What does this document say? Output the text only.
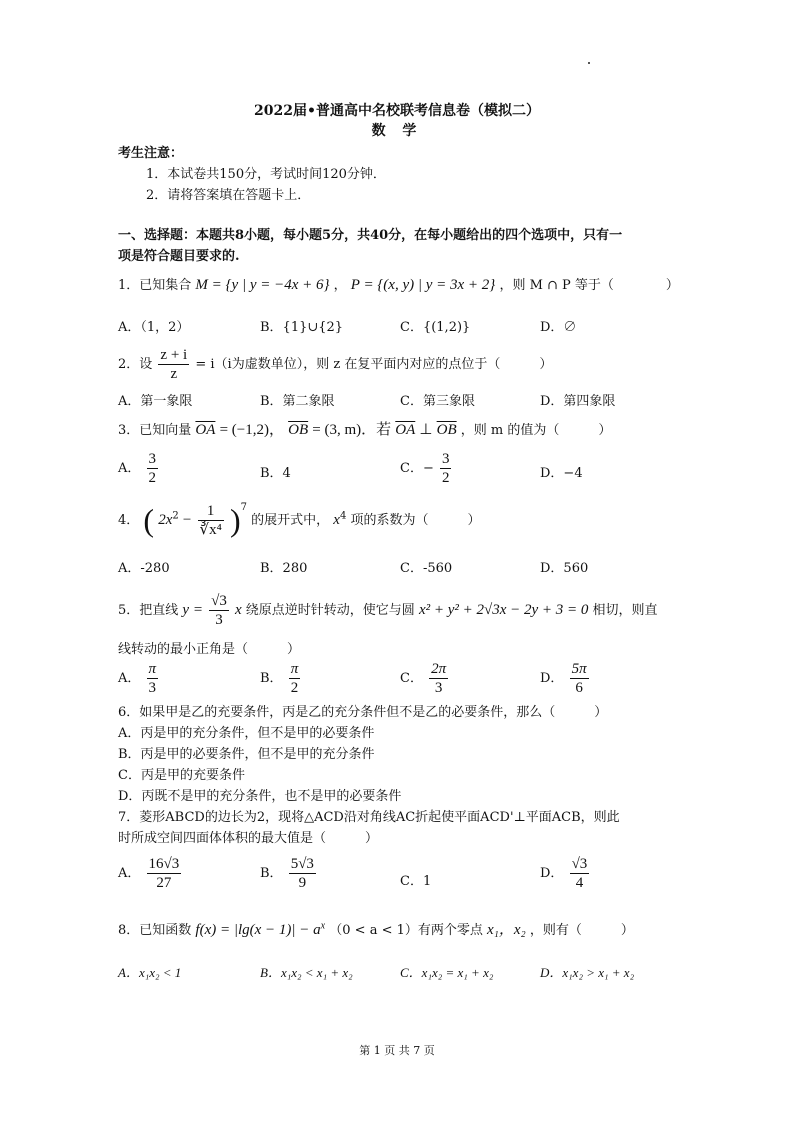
2022届•普通高中名校联考信息卷（模拟二）
数 学
考生注意：
1．本试卷共150分，考试时间120分钟．
2．请将答案填在答题卡上．
一、选择题：本题共8小题，每小题5分，共40分，在每小题给出的四个选项中，只有一
项是符合题目要求的.
1．已知集合 M = {y | y = −4x + 6} ， P = {(x, y) | y = 3x + 2} ，则 M ∩ P 等于（　　　　）
A．（1，2）	B．{1}∪{2}	C．{(1,2)}	D．∅
2．设 $\frac{z + i}{z} = i(i$为虚数单位），则 z 在复平面内对应的点位于（　　　）
A．第一象限	B．第二象限	C．第三象限	D．第四象限
3．已知向量 $\overline{OA} = (-1,2)$， $\overline{OB} = (3$, m)．若 $\overline{OA}$ ⊥ $\overline{OB}$ ，则 m 的值为（　　　）
A． $\frac{3}{2}$	B．4	C．− $\frac{3}{2}$	D．−4
4． ( $2x^2 - \frac{1}{\text{∛x⁴}} )^7$ 的展开式中， $x^4$ 项的系数为（　　　）
A．-280	B．280	C．-560	D．560
5．把直线 $y = \frac{√3}{3}$ x 绕原点逆时针转动，使它与圆 x² + y² + 2√3x − 2y + 3 = 0 相切，则直
线转动的最小正角是（　　　）
A． $\frac{\pi}{3}$	B． $\frac{\pi}{2}$	C． $\frac{2\pi}{3}$	D． $\frac{5\pi}{6}$
6．如果甲是乙的充要条件，丙是乙的充分条件但不是乙的必要条件，那么（　　　）
A．丙是甲的充分条件，但不是甲的必要条件
B．丙是甲的必要条件，但不是甲的充分条件
C．丙是甲的充要条件
D．丙既不是甲的充分条件，也不是甲的必要条件
7．菱形ABCD的边长为2，现将△ACD沿对角线AC折起使平面ACD'⊥平面ACB，则此
时所成空间四面体体积的最大值是（　　　）
A． $\frac{16√3}{27}$	B． $\frac{5√3}{9}$	C．1
D． $\frac{√3}{4}$
8．已知函数 $f(x) = |\lg(x - 1)| - a^x$ （0 < a < 1）有两个零点 x₁，x₂ ，则有（　　　）
A．x₁x₂ < 1	B．x₁x₂ < x₁ + x₂	C．x₁x₂ = x₁ + x₂	D．x₁x₂ > x₁ + x₂
第 1 页 共 7 页
